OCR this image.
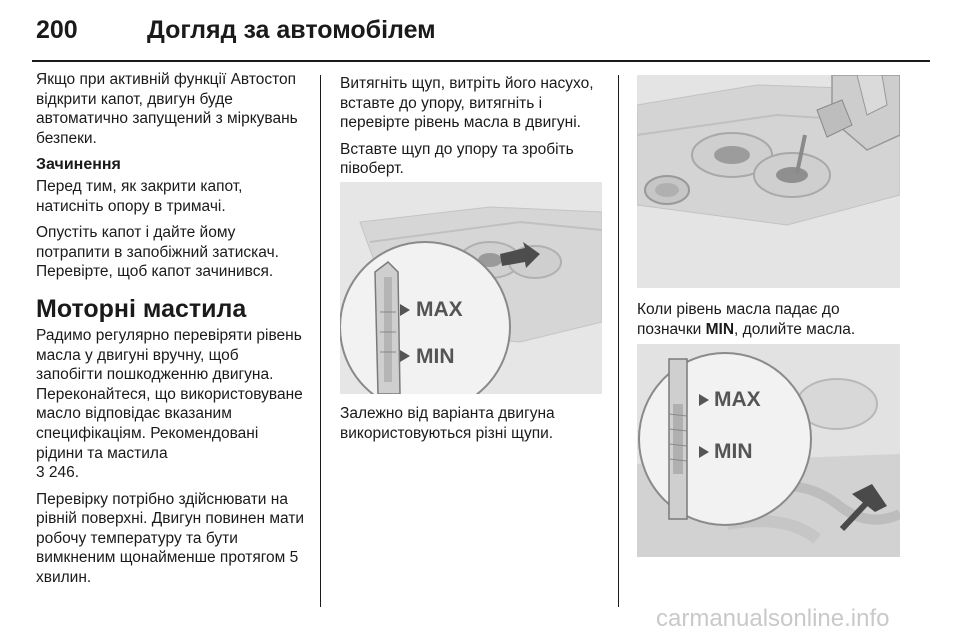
200	Догляд за автомобілем

Якщо при активній функції Автостоп відкрити капот, двигун буде автоматично запущений з міркувань безпеки.

Зачинення

Перед тим, як закрити капот, натисніть опору в тримачі.

Опустіть капот і дайте йому потрапити в запобіжний затискач. Перевірте, щоб капот зачинився.

Моторні мастила

Радимо регулярно перевіряти рівень масла у двигуні вручну, щоб запобігти пошкодженню двигуна. Переконайтеся, що використовуване масло відповідає вказаним специфікаціям. Рекомендовані рідини та мастила
3 246.

Перевірку потрібно здійснювати на рівній поверхні. Двигун повинен мати робочу температуру та бути вимкненим щонайменше протягом 5 хвилин.

Витягніть щуп, витріть його насухо, вставте до упору, витягніть і перевірте рівень масла в двигуні.

Вставте щуп до упору та зробіть півоберт.

MAX
MIN

Залежно від варіанта двигуна використовуються різні щупи.

Коли рівень масла падає до позначки MIN, долийте масла.

MAX
MIN
carmanualsonline.info
